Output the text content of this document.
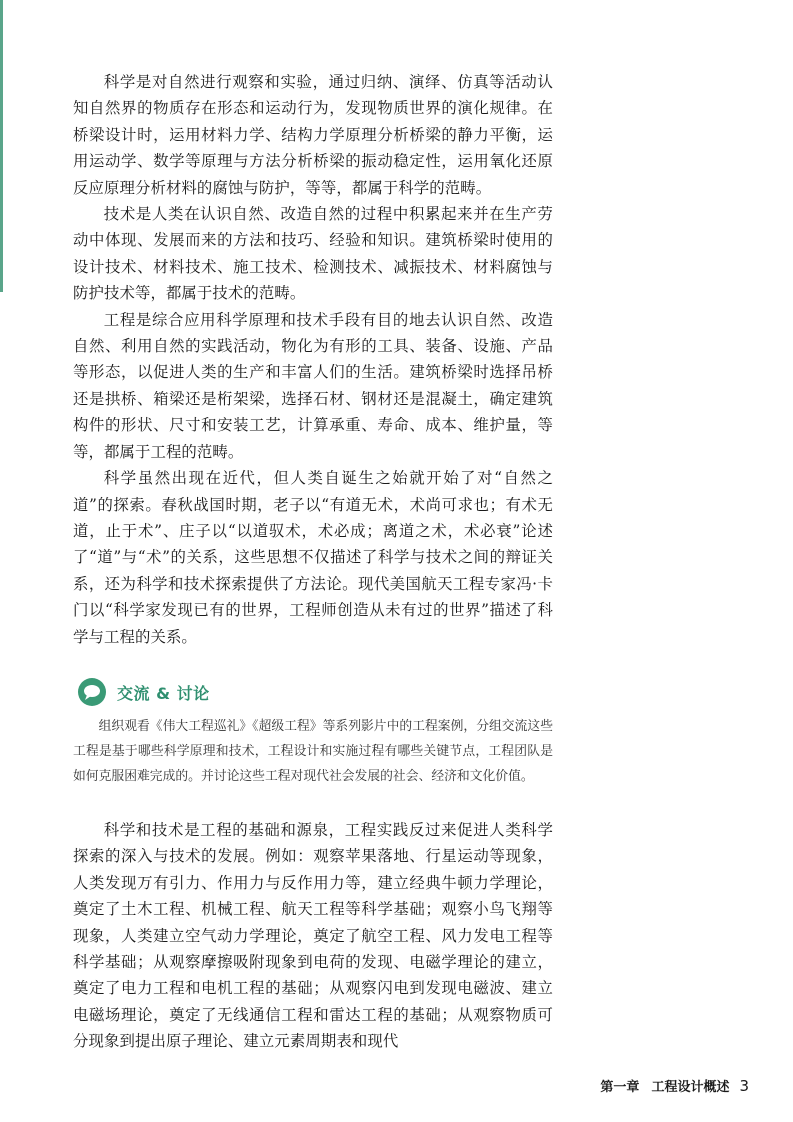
科学是对自然进行观察和实验，通过归纳、演绎、仿真等活动认知自然界的物质存在形态和运动行为，发现物质世界的演化规律。在桥梁设计时，运用材料力学、结构力学原理分析桥梁的静力平衡，运用运动学、数学等原理与方法分析桥梁的振动稳定性，运用氧化还原反应原理分析材料的腐蚀与防护，等等，都属于科学的范畴。

技术是人类在认识自然、改造自然的过程中积累起来并在生产劳动中体现、发展而来的方法和技巧、经验和知识。建筑桥梁时使用的设计技术、材料技术、施工技术、检测技术、减振技术、材料腐蚀与防护技术等，都属于技术的范畴。

工程是综合应用科学原理和技术手段有目的地去认识自然、改造自然、利用自然的实践活动，物化为有形的工具、装备、设施、产品等形态，以促进人类的生产和丰富人们的生活。建筑桥梁时选择吊桥还是拱桥、箱梁还是桁架梁，选择石材、钢材还是混凝土，确定建筑构件的形状、尺寸和安装工艺，计算承重、寿命、成本、维护量，等等，都属于工程的范畴。

科学虽然出现在近代，但人类自诞生之始就开始了对“自然之道”的探索。春秋战国时期，老子以“有道无术，术尚可求也；有术无道，止于术”、庄子以“以道驭术，术必成；离道之术，术必衰”论述了“道”与“术”的关系，这些思想不仅描述了科学与技术之间的辩证关系，还为科学和技术探索提供了方法论。现代美国航天工程专家冯·卡门以“科学家发现已有的世界，工程师创造从未有过的世界”描述了科学与工程的关系。

交流 & 讨论

组织观看《伟大工程巡礼》《超级工程》等系列影片中的工程案例，分组交流这些工程是基于哪些科学原理和技术，工程设计和实施过程有哪些关键节点，工程团队是如何克服困难完成的。并讨论这些工程对现代社会发展的社会、经济和文化价值。

科学和技术是工程的基础和源泉，工程实践反过来促进人类科学探索的深入与技术的发展。例如：观察苹果落地、行星运动等现象，人类发现万有引力、作用力与反作用力等，建立经典牛顿力学理论，奠定了土木工程、机械工程、航天工程等科学基础；观察小鸟飞翔等现象，人类建立空气动力学理论，奠定了航空工程、风力发电工程等科学基础；从观察摩擦吸附现象到电荷的发现、电磁学理论的建立，奠定了电力工程和电机工程的基础；从观察闪电到发现电磁波、建立电磁场理论，奠定了无线通信工程和雷达工程的基础；从观察物质可分现象到提出原子理论、建立元素周期表和现代

第一章 工程设计概述 3
